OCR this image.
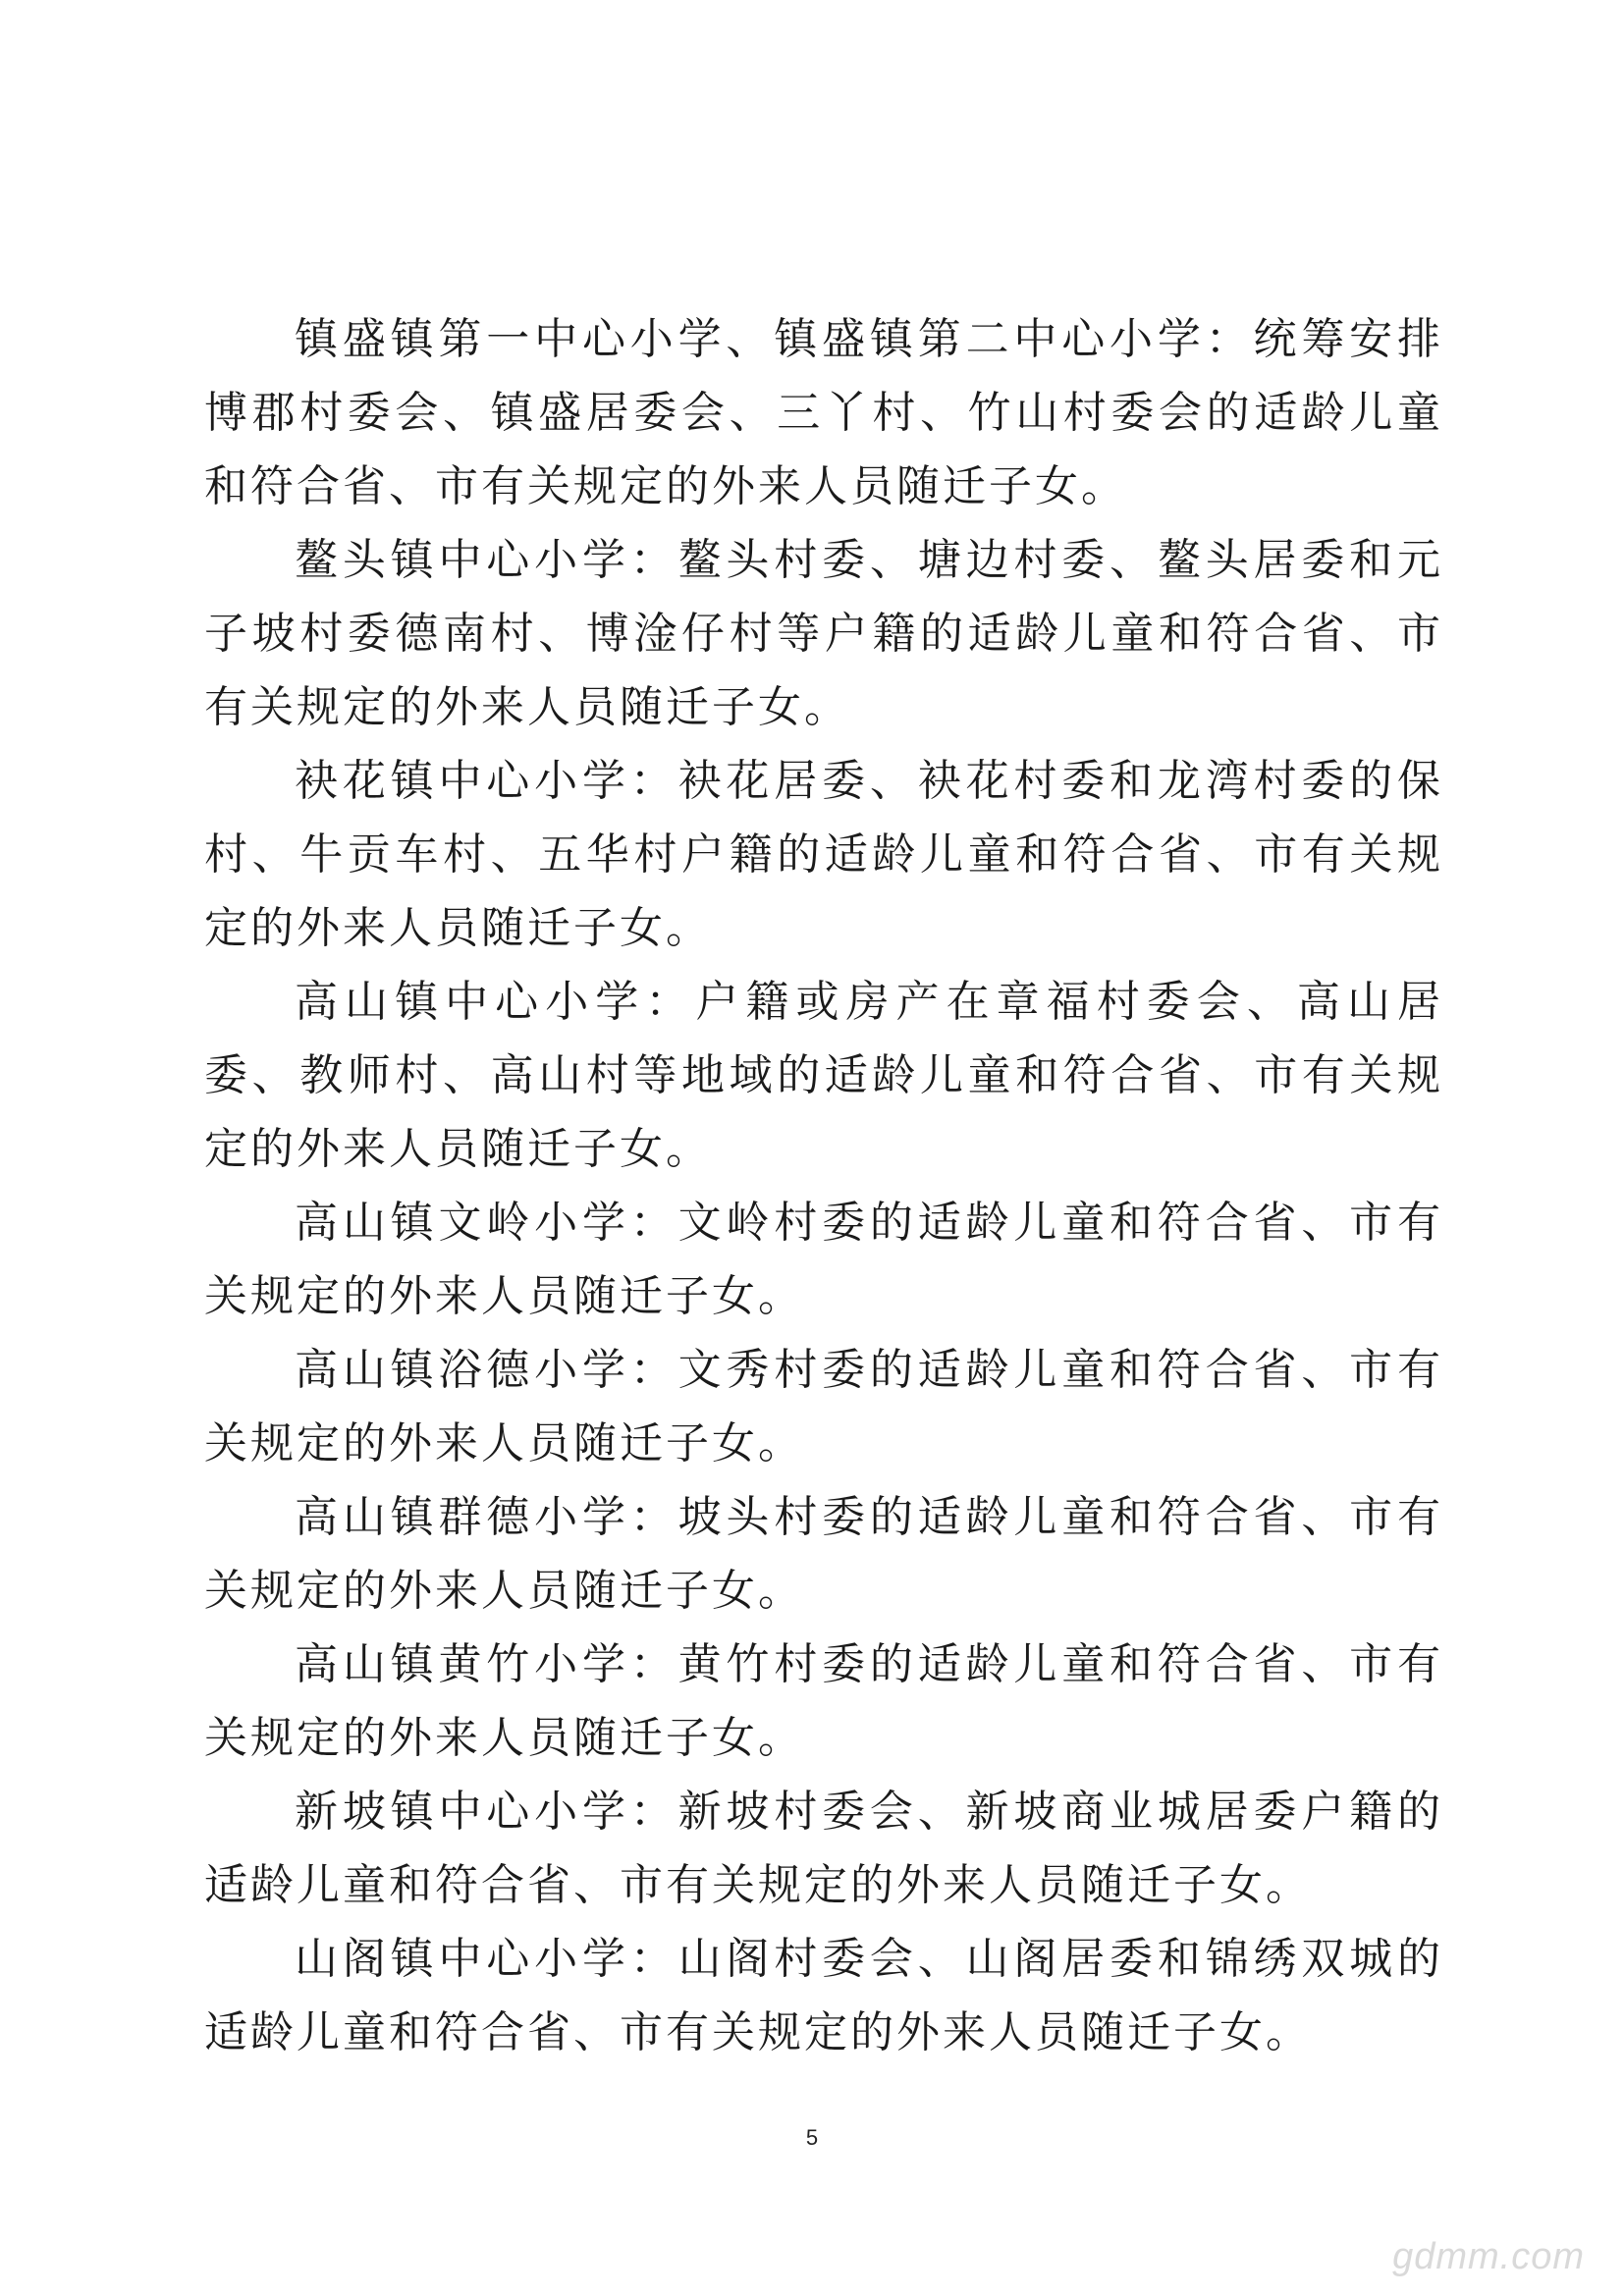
镇盛镇第一中心小学、镇盛镇第二中心小学：统筹安排博郡村委会、镇盛居委会、三丫村、竹山村委会的适龄儿童和符合省、市有关规定的外来人员随迁子女。

鳌头镇中心小学：鳌头村委、塘边村委、鳌头居委和元子坡村委德南村、博淦仔村等户籍的适龄儿童和符合省、市有关规定的外来人员随迁子女。

袂花镇中心小学：袂花居委、袂花村委和龙湾村委的保村、牛贡车村、五华村户籍的适龄儿童和符合省、市有关规定的外来人员随迁子女。

高山镇中心小学：户籍或房产在章福村委会、高山居委、教师村、高山村等地域的适龄儿童和符合省、市有关规定的外来人员随迁子女。

高山镇文岭小学：文岭村委的适龄儿童和符合省、市有关规定的外来人员随迁子女。

高山镇浴德小学：文秀村委的适龄儿童和符合省、市有关规定的外来人员随迁子女。

高山镇群德小学：坡头村委的适龄儿童和符合省、市有关规定的外来人员随迁子女。

高山镇黄竹小学：黄竹村委的适龄儿童和符合省、市有关规定的外来人员随迁子女。

新坡镇中心小学：新坡村委会、新坡商业城居委户籍的适龄儿童和符合省、市有关规定的外来人员随迁子女。

山阁镇中心小学：山阁村委会、山阁居委和锦绣双城的适龄儿童和符合省、市有关规定的外来人员随迁子女。

5
gdmm.com
